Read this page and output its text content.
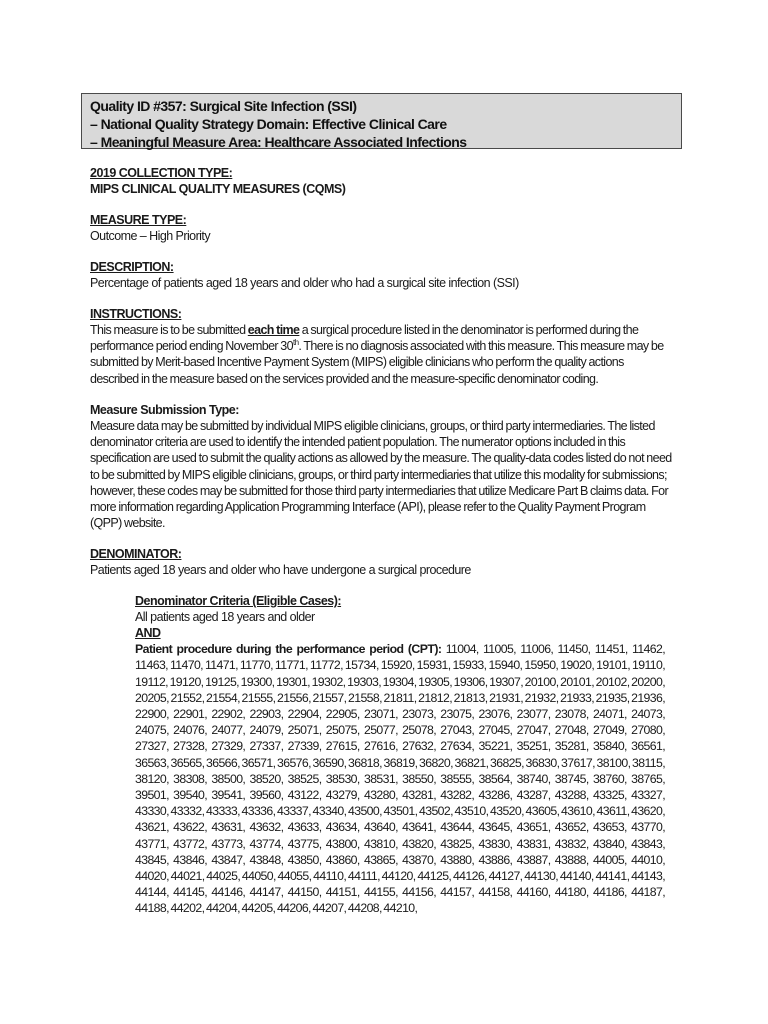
Quality ID #357: Surgical Site Infection (SSI)
– National Quality Strategy Domain: Effective Clinical Care
– Meaningful Measure Area: Healthcare Associated Infections
2019 COLLECTION TYPE:
MIPS CLINICAL QUALITY MEASURES (CQMS)
MEASURE TYPE:
Outcome – High Priority
DESCRIPTION:
Percentage of patients aged 18 years and older who had a surgical site infection (SSI)
INSTRUCTIONS:
This measure is to be submitted each time a surgical procedure listed in the denominator is performed during the performance period ending November 30th. There is no diagnosis associated with this measure. This measure may be submitted by Merit-based Incentive Payment System (MIPS) eligible clinicians who perform the quality actions described in the measure based on the services provided and the measure-specific denominator coding.
Measure Submission Type:
Measure data may be submitted by individual MIPS eligible clinicians, groups, or third party intermediaries. The listed denominator criteria are used to identify the intended patient population. The numerator options included in this specification are used to submit the quality actions as allowed by the measure. The quality-data codes listed do not need to be submitted by MIPS eligible clinicians, groups, or third party intermediaries that utilize this modality for submissions; however, these codes may be submitted for those third party intermediaries that utilize Medicare Part B claims data. For more information regarding Application Programming Interface (API), please refer to the Quality Payment Program (QPP) website.
DENOMINATOR:
Patients aged 18 years and older who have undergone a surgical procedure
Denominator Criteria (Eligible Cases):
All patients aged 18 years and older
AND
Patient procedure during the performance period (CPT): 11004, 11005, 11006, 11450, 11451, 11462, 11463, 11470, 11471, 11770, 11771, 11772, 15734, 15920, 15931, 15933, 15940, 15950, 19020, 19101, 19110, 19112, 19120, 19125, 19300, 19301, 19302, 19303, 19304, 19305, 19306, 19307, 20100, 20101, 20102, 20200, 20205, 21552, 21554, 21555, 21556, 21557, 21558, 21811, 21812, 21813, 21931, 21932, 21933, 21935, 21936, 22900, 22901, 22902, 22903, 22904, 22905, 23071, 23073, 23075, 23076, 23077, 23078, 24071, 24073, 24075, 24076, 24077, 24079, 25071, 25075, 25077, 25078, 27043, 27045, 27047, 27048, 27049, 27080, 27327, 27328, 27329, 27337, 27339, 27615, 27616, 27632, 27634, 35221, 35251, 35281, 35840, 36561, 36563, 36565, 36566, 36571, 36576, 36590, 36818, 36819, 36820, 36821, 36825, 36830, 37617, 38100, 38115, 38120, 38308, 38500, 38520, 38525, 38530, 38531, 38550, 38555, 38564, 38740, 38745, 38760, 38765, 39501, 39540, 39541, 39560, 43122, 43279, 43280, 43281, 43282, 43286, 43287, 43288, 43325, 43327, 43330, 43332, 43333, 43336, 43337, 43340, 43500, 43501, 43502, 43510, 43520, 43605, 43610, 43611, 43620, 43621, 43622, 43631, 43632, 43633, 43634, 43640, 43641, 43644, 43645, 43651, 43652, 43653, 43770, 43771, 43772, 43773, 43774, 43775, 43800, 43810, 43820, 43825, 43830, 43831, 43832, 43840, 43843, 43845, 43846, 43847, 43848, 43850, 43860, 43865, 43870, 43880, 43886, 43887, 43888, 44005, 44010, 44020, 44021, 44025, 44050, 44055, 44110, 44111, 44120, 44125, 44126, 44127, 44130, 44140, 44141, 44143, 44144, 44145, 44146, 44147, 44150, 44151, 44155, 44156, 44157, 44158, 44160, 44180, 44186, 44187, 44188, 44202, 44204, 44205, 44206, 44207, 44208, 44210,
